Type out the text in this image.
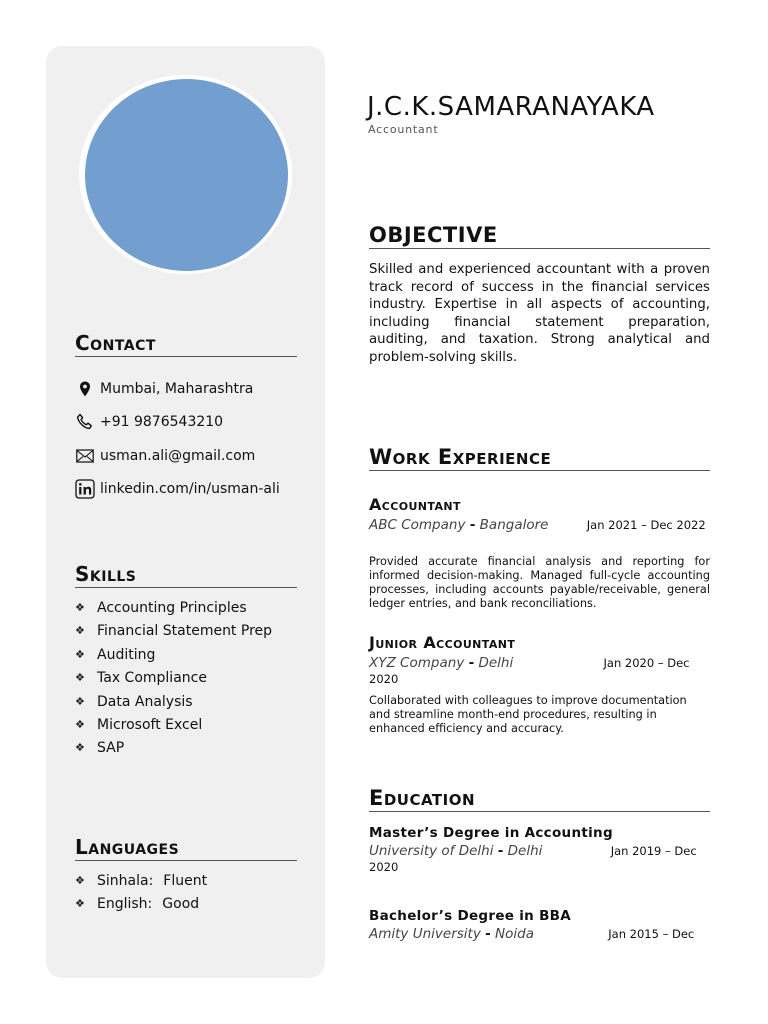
Contact
Mumbai, Maharashtra
+91 9876543210
usman.ali@gmail.com
linkedin.com/in/usman-ali
Skills
❖ Accounting Principles
❖ Financial Statement Prep
❖ Auditing
❖ Tax Compliance
❖ Data Analysis
❖ Microsoft Excel
❖ SAP
Languages
❖ Sinhala: Fluent
❖ English: Good
J.C.K.SAMARANAYAKA
Accountant
OBJECTIVE
Skilled and experienced accountant with a proven track record of success in the financial services industry. Expertise in all aspects of accounting, including financial statement preparation, auditing, and taxation. Strong analytical and problem-solving skills.
Work Experience
Accountant
ABC Company - Bangalore	Jan 2021 – Dec 2022
Provided accurate financial analysis and reporting for informed decision-making. Managed full-cycle accounting processes, including accounts payable/receivable, general ledger entries, and bank reconciliations.
Junior Accountant
XYZ Company - Delhi	Jan 2020 – Dec 2020
Collaborated with colleagues to improve documentation and streamline month-end procedures, resulting in enhanced efficiency and accuracy.
Education
Master’s Degree in Accounting
University of Delhi - Delhi	Jan 2019 – Dec 2020
Bachelor’s Degree in BBA
Amity University - Noida	Jan 2015 – Dec
